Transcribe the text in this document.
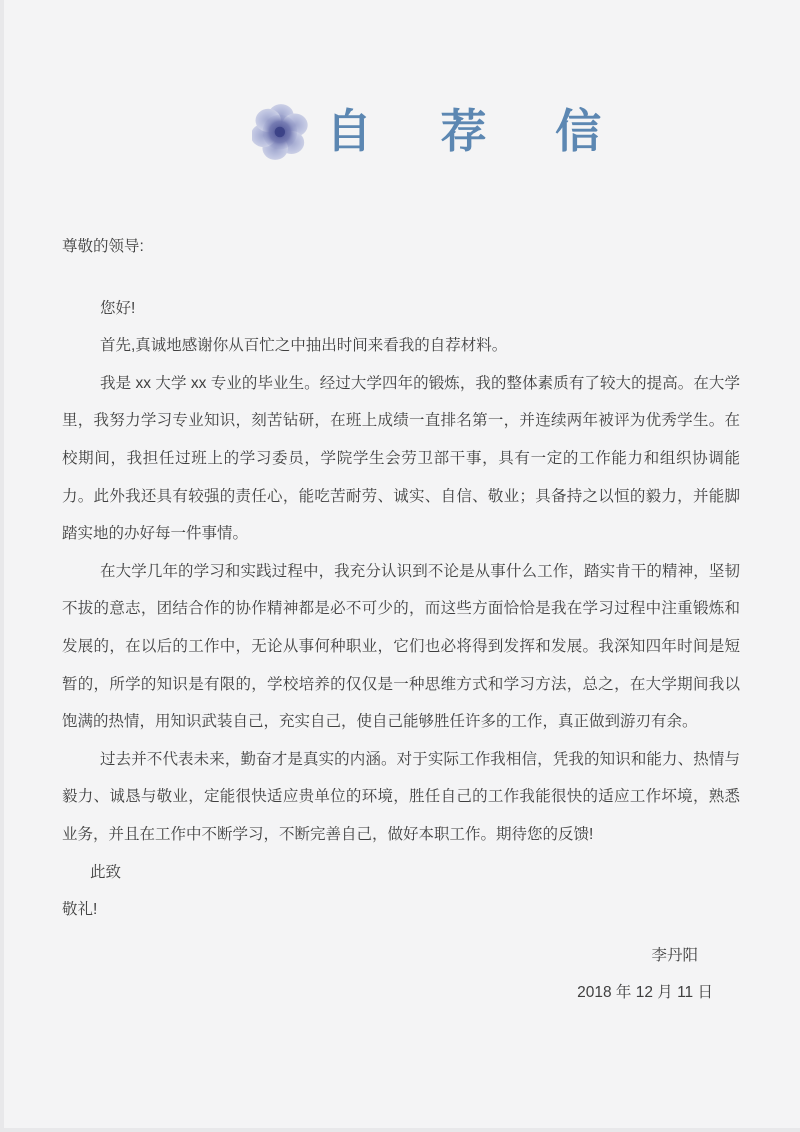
自 荐 信

尊敬的领导:

您好!

首先,真诚地感谢你从百忙之中抽出时间来看我的自荐材料。

我是 xx 大学 xx 专业的毕业生。经过大学四年的锻炼，我的整体素质有了较大的提高。在大学里，我努力学习专业知识，刻苦钻研，在班上成绩一直排名第一，并连续两年被评为优秀学生。在校期间，我担任过班上的学习委员，学院学生会劳卫部干事，具有一定的工作能力和组织协调能力。此外我还具有较强的责任心，能吃苦耐劳、诚实、自信、敬业；具备持之以恒的毅力，并能脚踏实地的办好每一件事情。

在大学几年的学习和实践过程中，我充分认识到不论是从事什么工作，踏实肯干的精神，坚韧不拔的意志，团结合作的协作精神都是必不可少的，而这些方面恰恰是我在学习过程中注重锻炼和发展的，在以后的工作中，无论从事何种职业，它们也必将得到发挥和发展。我深知四年时间是短暂的，所学的知识是有限的，学校培养的仅仅是一种思维方式和学习方法，总之，在大学期间我以饱满的热情，用知识武装自己，充实自己，使自己能够胜任许多的工作，真正做到游刃有余。

过去并不代表未来，勤奋才是真实的内涵。对于实际工作我相信，凭我的知识和能力、热情与毅力、诚恳与敬业，定能很快适应贵单位的环境，胜任自己的工作我能很快的适应工作坏境，熟悉业务，并且在工作中不断学习，不断完善自己，做好本职工作。期待您的反馈!

此致

敬礼!

李丹阳
2018 年 12 月 11 日
